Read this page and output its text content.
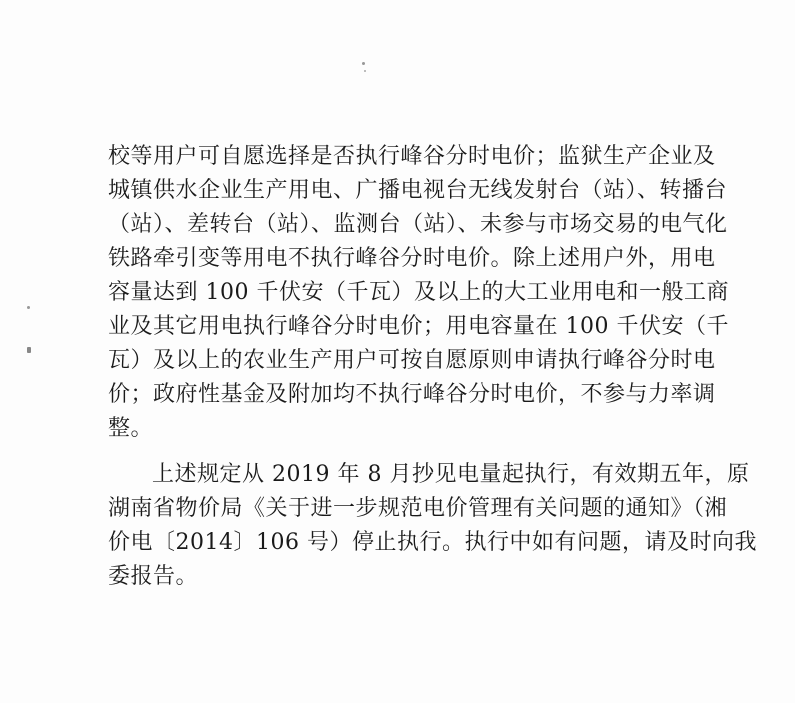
校等用户可自愿选择是否执行峰谷分时电价；监狱生产企业及
城镇供水企业生产用电、广播电视台无线发射台（站）、转播台
（站）、差转台（站）、监测台（站）、未参与市场交易的电气化
铁路牵引变等用电不执行峰谷分时电价。除上述用户外，用电
容量达到 100 千伏安（千瓦）及以上的大工业用电和一般工商
业及其它用电执行峰谷分时电价；用电容量在 100 千伏安（千
瓦）及以上的农业生产用户可按自愿原则申请执行峰谷分时电
价；政府性基金及附加均不执行峰谷分时电价，不参与力率调
整。
上述规定从 2019 年 8 月抄见电量起执行，有效期五年，原
湖南省物价局《关于进一步规范电价管理有关问题的通知》（湘
价电〔2014〕106 号）停止执行。执行中如有问题，请及时向我
委报告。
